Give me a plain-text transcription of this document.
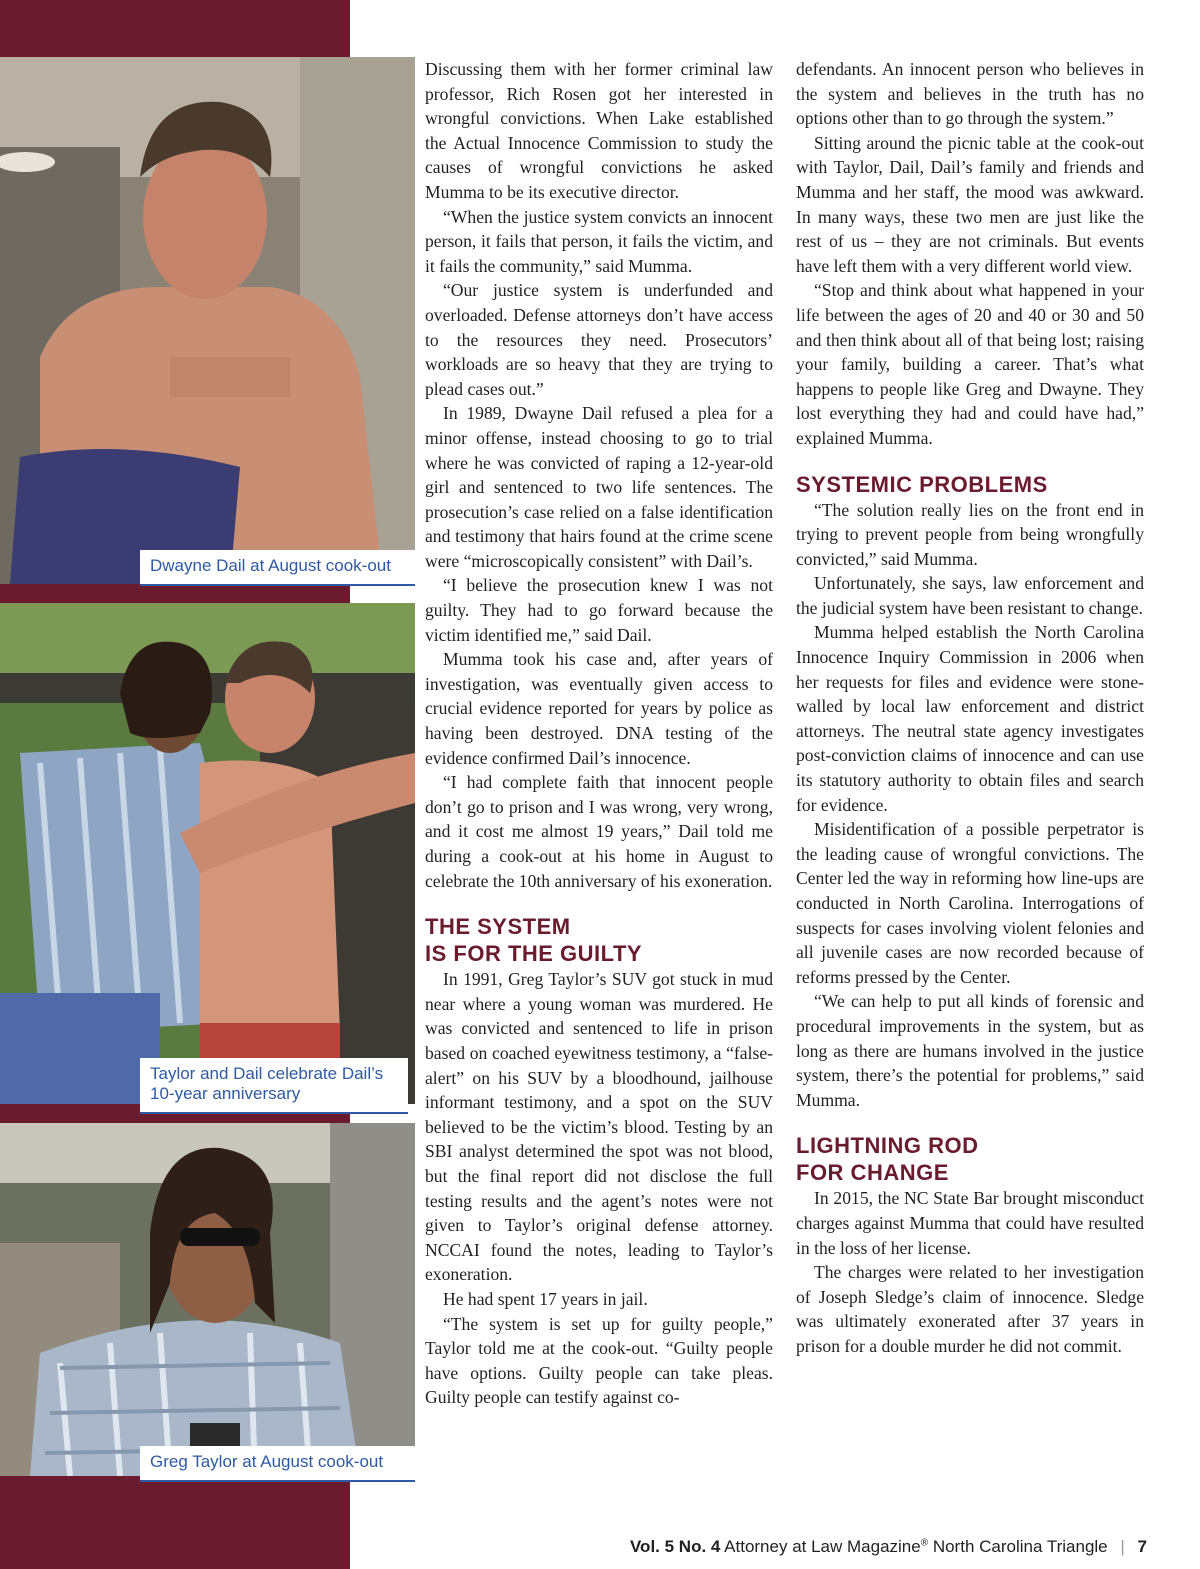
Dwayne Dail at August cook-out
Taylor and Dail celebrate Dail’s 10-year anniversary
Greg Taylor at August cook-out

Discussing them with her former criminal law professor, Rich Rosen got her interested in wrongful convictions. When Lake established the Actual Innocence Commission to study the causes of wrongful convictions he asked Mumma to be its executive director.

“When the justice system convicts an innocent person, it fails that person, it fails the victim, and it fails the community,” said Mumma.

“Our justice system is underfunded and overloaded. Defense attorneys don’t have access to the resources they need. Prosecutors’ workloads are so heavy that they are trying to plead cases out.”

In 1989, Dwayne Dail refused a plea for a minor offense, instead choosing to go to trial where he was convicted of raping a 12-year-old girl and sentenced to two life sentences. The prosecution’s case relied on a false identification and testimony that hairs found at the crime scene were “microscopically consistent” with Dail’s.

“I believe the prosecution knew I was not guilty. They had to go forward because the victim identified me,” said Dail.

Mumma took his case and, after years of investigation, was eventually given access to crucial evidence reported for years by police as having been destroyed. DNA testing of the evidence confirmed Dail’s innocence.

“I had complete faith that innocent people don’t go to prison and I was wrong, very wrong, and it cost me almost 19 years,” Dail told me during a cook-out at his home in August to celebrate the 10th anniversary of his exoneration.

THE SYSTEM
IS FOR THE GUILTY

In 1991, Greg Taylor’s SUV got stuck in mud near where a young woman was murdered. He was convicted and sentenced to life in prison based on coached eyewitness testimony, a “false-alert” on his SUV by a bloodhound, jailhouse informant testimony, and a spot on the SUV believed to be the victim’s blood. Testing by an SBI analyst determined the spot was not blood, but the final report did not disclose the full testing results and the agent’s notes were not given to Taylor’s original defense attorney. NCCAI found the notes, leading to Taylor’s exoneration.

He had spent 17 years in jail.

“The system is set up for guilty people,” Taylor told me at the cook-out. “Guilty people have options. Guilty people can take pleas. Guilty people can testify against co-

defendants. An innocent person who believes in the system and believes in the truth has no options other than to go through the system.”

Sitting around the picnic table at the cook-out with Taylor, Dail, Dail’s family and friends and Mumma and her staff, the mood was awkward. In many ways, these two men are just like the rest of us – they are not criminals. But events have left them with a very different world view.

“Stop and think about what happened in your life between the ages of 20 and 40 or 30 and 50 and then think about all of that being lost; raising your family, building a career. That’s what happens to people like Greg and Dwayne. They lost everything they had and could have had,” explained Mumma.

SYSTEMIC PROBLEMS

“The solution really lies on the front end in trying to prevent people from being wrongfully convicted,” said Mumma.

Unfortunately, she says, law enforcement and the judicial system have been resistant to change.

Mumma helped establish the North Carolina Innocence Inquiry Commission in 2006 when her requests for files and evidence were stone-walled by local law enforcement and district attorneys. The neutral state agency investigates post-conviction claims of innocence and can use its statutory authority to obtain files and search for evidence.

Misidentification of a possible perpetrator is the leading cause of wrongful convictions. The Center led the way in reforming how line-ups are conducted in North Carolina. Interrogations of suspects for cases involving violent felonies and all juvenile cases are now recorded because of reforms pressed by the Center.

“We can help to put all kinds of forensic and procedural improvements in the system, but as long as there are humans involved in the justice system, there’s the potential for problems,” said Mumma.

LIGHTNING ROD
FOR CHANGE

In 2015, the NC State Bar brought misconduct charges against Mumma that could have resulted in the loss of her license.

The charges were related to her investigation of Joseph Sledge’s claim of innocence. Sledge was ultimately exonerated after 37 years in prison for a double murder he did not commit.

Vol. 5 No. 4 Attorney at Law Magazine® North Carolina Triangle | 7
